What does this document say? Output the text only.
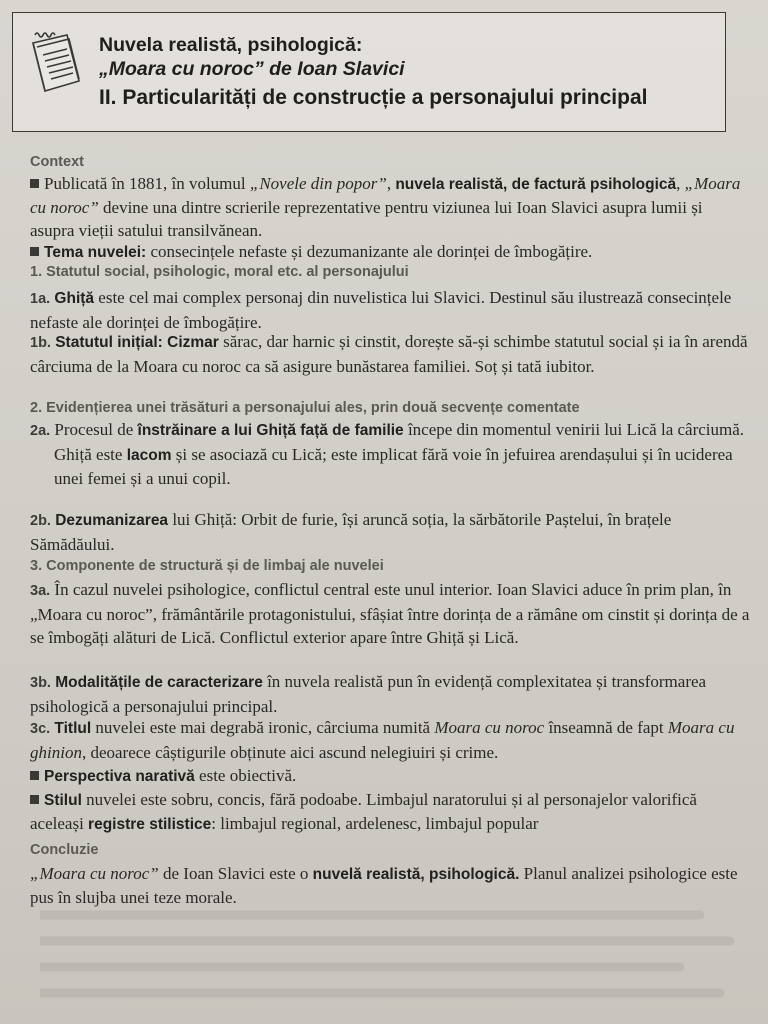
Nuvela realistă, psihologică:
„Moara cu noroc” de Ioan Slavici
II. Particularități de construcție a personajului principal
Context
Publicată în 1881, în volumul „Novele din popor”, nuvela realistă, de factură psihologică, „Moara cu noroc” devine una dintre scrierile reprezentative pentru viziunea lui Ioan Slavici asupra lumii și asupra vieții satului transilvănean.
Tema nuvelei: consecințele nefaste și dezumanizante ale dorinței de îmbogățire.
1. Statutul social, psihologic, moral etc. al personajului
1a. Ghiță este cel mai complex personaj din nuvelistica lui Slavici. Destinul său ilustrează consecințele nefaste ale dorinței de îmbogățire.
1b. Statutul inițial: Cizmar sărac, dar harnic și cinstit, dorește să-și schimbe statutul social și ia în arendă cârciuma de la Moara cu noroc ca să asigure bunăstarea familiei. Soț și tată iubitor.
2. Evidențierea unei trăsături a personajului ales, prin două secvențe comentate
2a. Procesul de înstrăinare a lui Ghiță față de familie începe din momentul venirii lui Lică la cârciumă.
Ghiță este lacom și se asociază cu Lică; este implicat fără voie în jefuirea arendașului și în uciderea unei femei și a unui copil.
2b. Dezumanizarea lui Ghiță: Orbit de furie, își aruncă soția, la sărbătorile Paștelui, în brațele Sămădăului.
3. Componente de structură și de limbaj ale nuvelei
3a. În cazul nuvelei psihologice, conflictul central este unul interior. Ioan Slavici aduce în prim plan, în „Moara cu noroc”, frământările protagonistului, sfâșiat între dorința de a rămâne om cinstit și dorința de a se îmbogăți alături de Lică. Conflictul exterior apare între Ghiță și Lică.
3b. Modalitățile de caracterizare în nuvela realistă pun în evidență complexitatea și transformarea psihologică a personajului principal.
3c. Titlul nuvelei este mai degrabă ironic, cârciuma numită Moara cu noroc înseamnă de fapt Moara cu ghinion, deoarece câștigurile obținute aici ascund nelegiuiri și crime.
Perspectiva narativă este obiectivă.
Stilul nuvelei este sobru, concis, fără podoabe. Limbajul naratorului și al personajelor valorifică aceleași registre stilistice: limbajul regional, ardelenesc, limbajul popular
Concluzie
„Moara cu noroc” de Ioan Slavici este o nuvelă realistă, psihologică. Planul analizei psihologice este pus în slujba unei teze morale.
